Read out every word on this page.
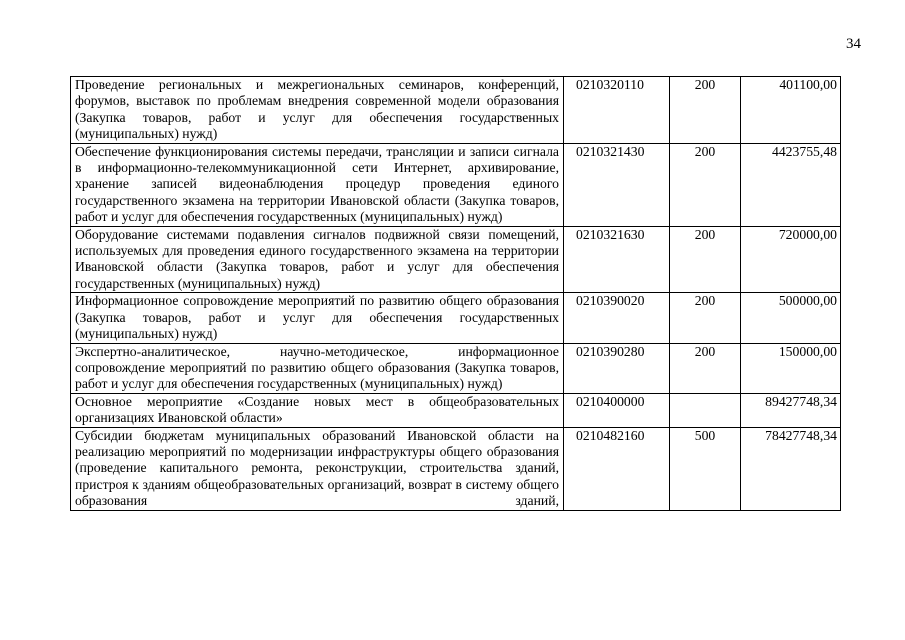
34
Проведение региональных и межрегиональных семинаров, конференций, форумов, выставок по проблемам внедрения современной модели образования (Закупка товаров, работ и услуг для обеспечения государственных (муниципальных) нужд)	0210320110	200	401100,00
Обеспечение функционирования системы передачи, трансляции и записи сигнала в информационно-телекоммуникационной сети Интернет, архивирование, хранение записей видеонаблюдения процедур проведения единого государственного экзамена на территории Ивановской области (Закупка товаров, работ и услуг для обеспечения государственных (муниципальных) нужд)	0210321430	200	4423755,48
Оборудование системами подавления сигналов подвижной связи помещений, используемых для проведения единого государственного экзамена на территории Ивановской области (Закупка товаров, работ и услуг для обеспечения государственных (муниципальных) нужд)	0210321630	200	720000,00
Информационное сопровождение мероприятий по развитию общего образования (Закупка товаров, работ и услуг для обеспечения государственных (муниципальных) нужд)	0210390020	200	500000,00
Экспертно-аналитическое, научно-методическое, информационное сопровождение мероприятий по развитию общего образования (Закупка товаров, работ и услуг для обеспечения государственных (муниципальных) нужд)	0210390280	200	150000,00
Основное мероприятие «Создание новых мест в общеобразовательных организациях Ивановской области»	0210400000		89427748,34
Субсидии бюджетам муниципальных образований Ивановской области на реализацию мероприятий по модернизации инфраструктуры общего образования (проведение капитального ремонта, реконструкции, строительства зданий, пристроя к зданиям общеобразовательных организаций, возврат в систему общего образования зданий,	0210482160	500	78427748,34
